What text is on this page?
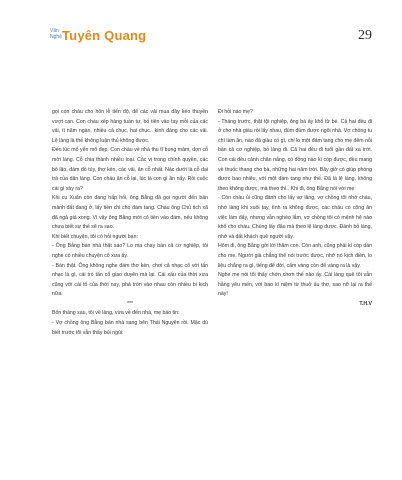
Văn
Nghệ Tuyên Quang	29

gọi con cháu cho hôn lễ tiến độ, để các vải mua đây kéo thuyền vượt cạn. Con cháu xếp hàng tuần tự, bố tiên vào tay mỗi của các vải, ít năm ngàn, nhiều cả chục, hai chục.. kinh đáng cho các vải. Lệ làng là thế không luận thủ không được.

Đến lúc mổ yến mổ đẹp. Con cháu về nhà thu tĩ bung mâm, dọn cỗ mời làng. Cỗ chia thành nhiều loại. Các vị trong chính quyền, các bô lão, đám đồ túy, thợ kèn, các vải, ăn cỗ nhất. Nác dưới là cỗ dại trà của dân làng. Con cháu ăn cỗ lại, lúc là con gì ăn nấy. Rồi cuộc cái gì xảy ra?

Khi cụ Xuân còn đang hấp hối, ông Bằng đã gọi người đến bán mảnh đất đang ở, lấy tiền chi cho đám tang. Chàu ông Chủ tịch xã đã ngả giá xong. Vì vậy ông Bằng mới có tiền vào đám, nếu không chưa biết sự thế sẽ ra sao.

Khi biết chuyện, tôi có hỏi người bạn:

- Ông Bằng bán nhà thật sao? Lo ma chay bán cả cơ nghiệp, tôi nghe có nhiều chuyện cổ xưa ấy.

- Bán thật. Ông không nghe đám thợ kèn, chơi cả nhạc cổ với tấn nhạc là gì, cái trò tấn cổ giao duyên mà lại. Cái xấu của thời xưa cũng với cái tổ của thời nay, phá tròn vào nhau còn nhiều bi kịch nữa.

***

Bốn tháng sau, tôi về làng, vừa về đến nhà, mẹ báo tin:

- Vợ chồng ông Bằng bán nhà sang bên Thái Nguyên rồi. Mặc dù biết trước tôi vẫn thấy bùi ngùi:

Đi hỏi nào mẹ?

- Tháng trước, thật tội nghiệp, ông bà ấy khổ từ bé. Cả hai đều đi ở cho nhà giàu rồi lấy nhau, đùm đùm được ngôi nhà. Vợ chồng tu chí làm ăn, nào đã giàu có gì, chỉ lo một đám tang cho mẹ đẻm nỗi bán cả cơ nghiệp, bỏ làng đi. Cả hai đều đi tuổi gần đất xa trời. Con cái đều cảnh chân nắng, có đồng nào kì cóp được, đều mang về thuốc thang cho bà, những hai năm trời. Bây giờ có giúp phòng được bao nhiêu, với một đám tang như thế. Đã là lệ làng, không theo không được, mà theo thì.. Khi đi, ông Bằng nói với mẹ:

- Còn chảu ủi cũng đành cho lấy vợ lăng, vợ chồng tôi nhớ cháu, nhớ làng khi xuôi tay, tình ra không được, các cháu có cộng ăn việc làm đấy, nhưng vẫn nghèo lắm, vợ chồng tôi có mệnh hệ nào khổ cho cháu. Chúng lấy đâu mà theo lệ làng được. Đành bỏ làng, nhớ và đất khách quê người vậy.

Hôm đi, ông Bằng gởi lời thăm con. Còn anh, cũng phải kí cóp dần cho mẹ. Người già chẳng thể nói trước được, nhớ nó kịch điền, lo liệu chẳng ra gì, tiếng để đời, cẩm vàng còn để vàng ra là vậy.

Nghe mẹ nói tôi thấy chớn chơn thế nào ấy. Cái làng quê tôi vẫn hằng yêu mến, với bao kí niệm từ thuở ấu thơ, sao nỡ lại ra thế này!

T.H.V
